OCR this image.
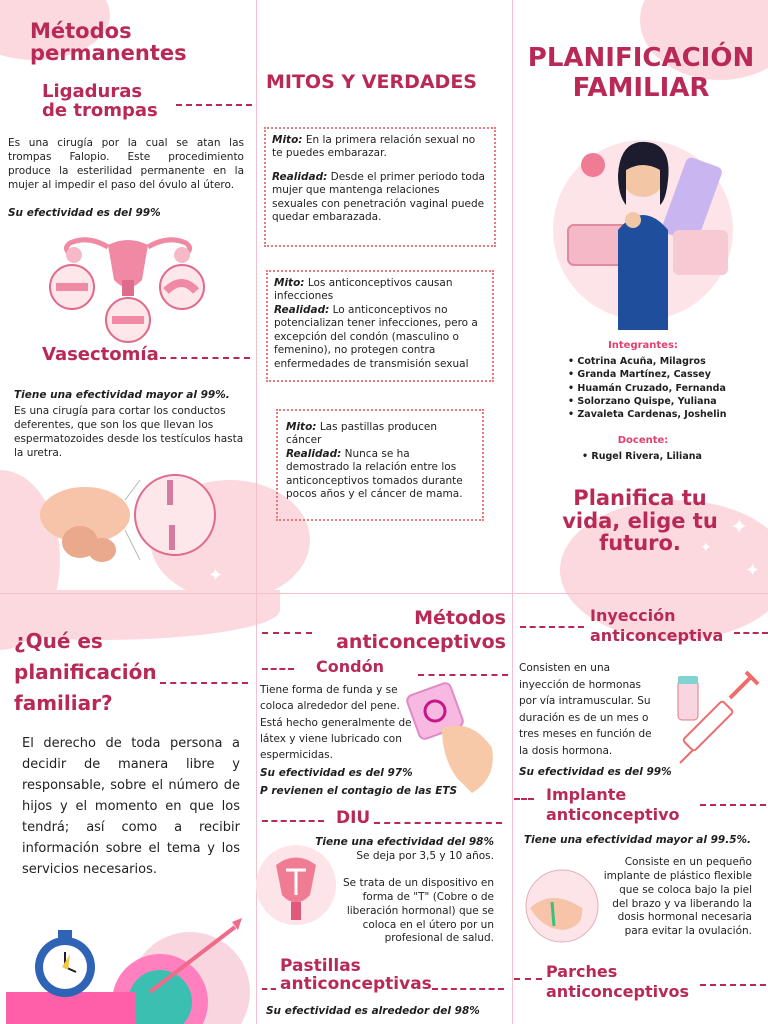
✦
✦
✦
✦
✦
Métodos
permanentes
Ligaduras
de trompas

Es una cirugía por la cual se atan las trompas Falopio. Este procedimiento produce la esterilidad permanente en la mujer al impedir el paso del óvulo al útero.

Su efectividad es del 99%

Vasectomía

Tiene una efectividad mayor al 99%.

Es una cirugía para cortar los conductos deferentes, que son los que llevan los espermatozoides desde los testículos hasta la uretra.

MITOS Y VERDADES

Mito: En la primera relación sexual no te puedes embarazar.

Realidad: Desde el primer periodo toda mujer que mantenga relaciones sexuales con penetración vaginal puede quedar embarazada.

Mito: Los anticonceptivos causan infecciones

Realidad: Lo anticonceptivos no potencializan tener infecciones, pero a excepción del condón (masculino o femenino), no protegen contra enfermedades de transmisión sexual

Mito: Las pastillas producen cáncer

Realidad: Nunca se ha demostrado la relación entre los anticonceptivos tomados durante pocos años y el cáncer de mama.

PLANIFICACIÓN
FAMILIAR
Integrantes:
• Cotrina Acuña, Milagros
• Granda Martínez, Cassey
• Huamán Cruzado, Fernanda
• Solorzano Quispe, Yuliana
• Zavaleta Cardenas, Joshelin
Docente:
• Rugel Rivera, Liliana
Planifica tu
vida, elige tu
futuro.
¿Qué es
planificación
familiar?

El derecho de toda persona a decidir de manera libre y responsable, sobre el número de hijos y el momento en que los tendrá; así como a recibir información sobre el tema y los servicios necesarios.

Métodos
anticonceptivos
Condón

Tiene forma de funda y se coloca alrededor del pene. Está hecho generalmente de látex y viene lubricado con espermicidas.

Su efectividad es del 97%

P revienen el contagio de las ETS

DIU

Tiene una efectividad del 98%

Se deja por 3,5 y 10 años.

Se trata de un dispositivo en forma de "T" (Cobre o de liberación hormonal) que se coloca en el útero por un profesional de salud.

Pastillas
anticonceptivas

Su efectividad es alrededor del 98%

Inyección
anticonceptiva

Consisten en una inyección de hormonas por vía intramuscular. Su duración es de un mes o tres meses en función de la dosis hormona.

Su efectividad es del 99%

Implante
anticonceptivo

Tiene una efectividad mayor al 99.5%.

Consiste en un pequeño implante de plástico flexible que se coloca bajo la piel del brazo y va liberando la dosis hormonal necesaria para evitar la ovulación.

Parches
anticonceptivos
